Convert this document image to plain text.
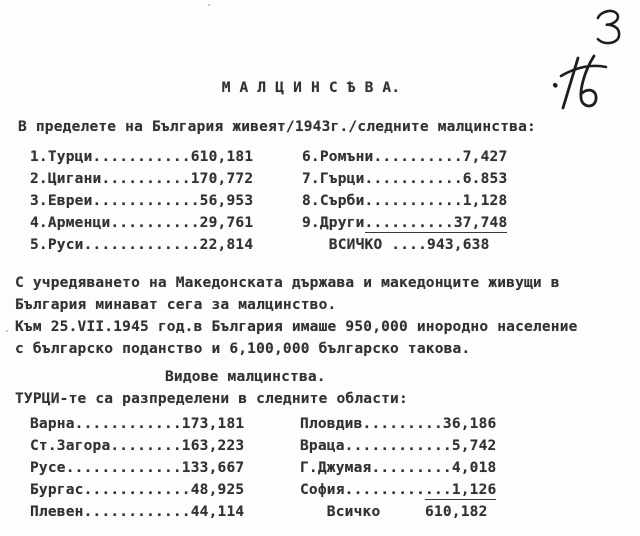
М А Л Ц И Н С Ѣ В А.
В пределете на България живеят/1943г./следните малцинства:
1.Турци...........610,181
2.Цигани..........170,772
3.Евреи............56,953
4.Арменци..........29,761
5.Руси.............22,814
6.Ромъни..........7,427
7.Гърци...........6.853
8.Сърби...........1,128
9.Други..........37,748
ВСИЧКО ....943,638
С учредяването на Македонската държава и македонците живущи в
България минават сега за малцинство.
Към 25.VII.1945 год.в България имаше 950,000 инородно население
с българско поданство и 6,100,000 българско такова.
Видове малцинства.
ТУРЦИ-те са разпределени в следните области:
Варна............173,181
Ст.Загора........163,223
Русе.............133,667
Бургас............48,925
Плевен............44,114
Пловдив.........36,186
Враца............5,742
Г.Джумая.........4,018
София............1,126
Всичко     610,182
